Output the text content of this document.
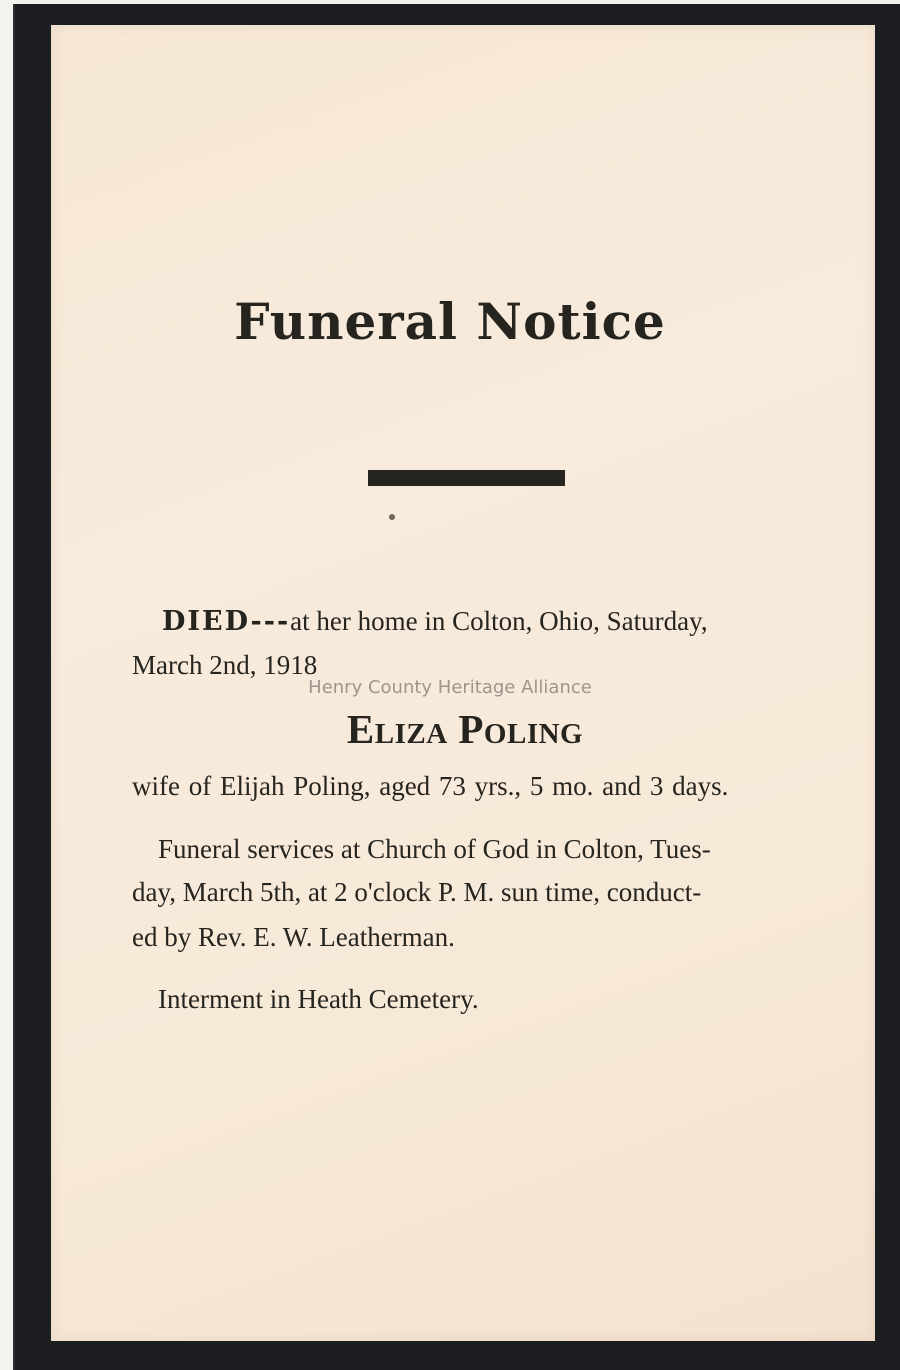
Funeral Notice

DIED---at her home in Colton, Ohio, Saturday,

March 2nd, 1918

Henry County Heritage Alliance
Eliza Poling

wife of Elijah Poling, aged 73 yrs., 5 mo. and 3 days.

Funeral services at Church of God in Colton, Tues-

day, March 5th, at 2 o'clock P. M. sun time, conduct-

ed by Rev. E. W. Leatherman.

Interment in Heath Cemetery.
